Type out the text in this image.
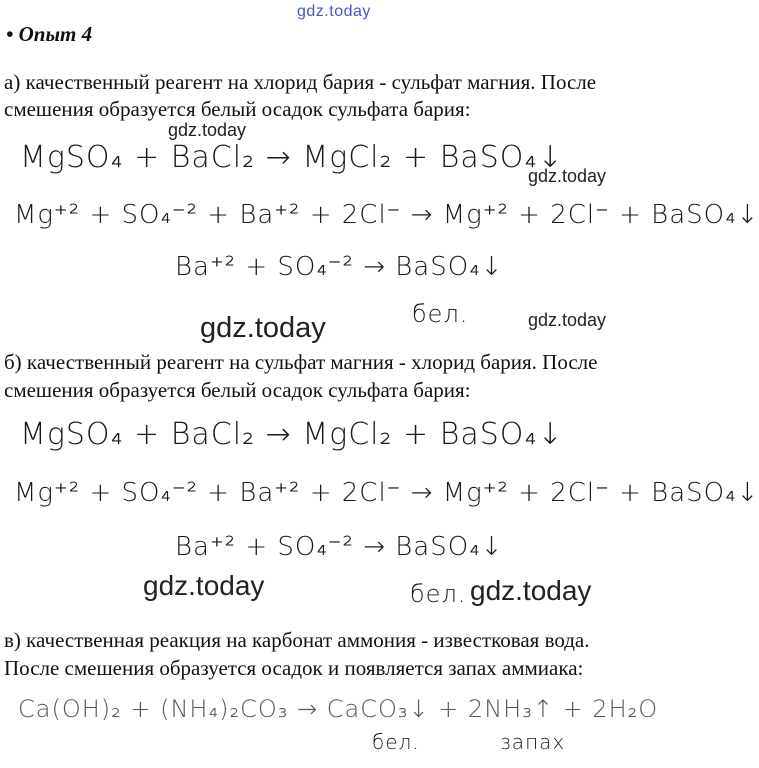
gdz.today
• Опыт 4
а) качественный реагент на хлорид бария - сульфат магния. После
смешения образуется белый осадок сульфата бария:
gdz.today
MgSO₄ + BaCl₂ → MgCl₂ + BaSO₄↓
gdz.today
Mg⁺² + SO₄⁻² + Ba⁺² + 2Cl⁻ → Mg⁺² + 2Cl⁻ + BaSO₄↓
Ba⁺² + SO₄⁻² → BaSO₄↓
gdz.today	бел.	gdz.today
б) качественный реагент на сульфат магния - хлорид бария. После
смешения образуется белый осадок сульфата бария:
MgSO₄ + BaCl₂ → MgCl₂ + BaSO₄↓
Mg⁺² + SO₄⁻² + Ba⁺² + 2Cl⁻ → Mg⁺² + 2Cl⁻ + BaSO₄↓
Ba⁺² + SO₄⁻² → BaSO₄↓
gdz.today	бел. gdz.today
в) качественная реакция на карбонат аммония - известковая вода.
После смешения образуется осадок и появляется запах аммиака:
Ca(OH)₂ + (NH₄)₂CO₃ → CaCO₃↓ + 2NH₃↑ + 2H₂O
бел.	запах
